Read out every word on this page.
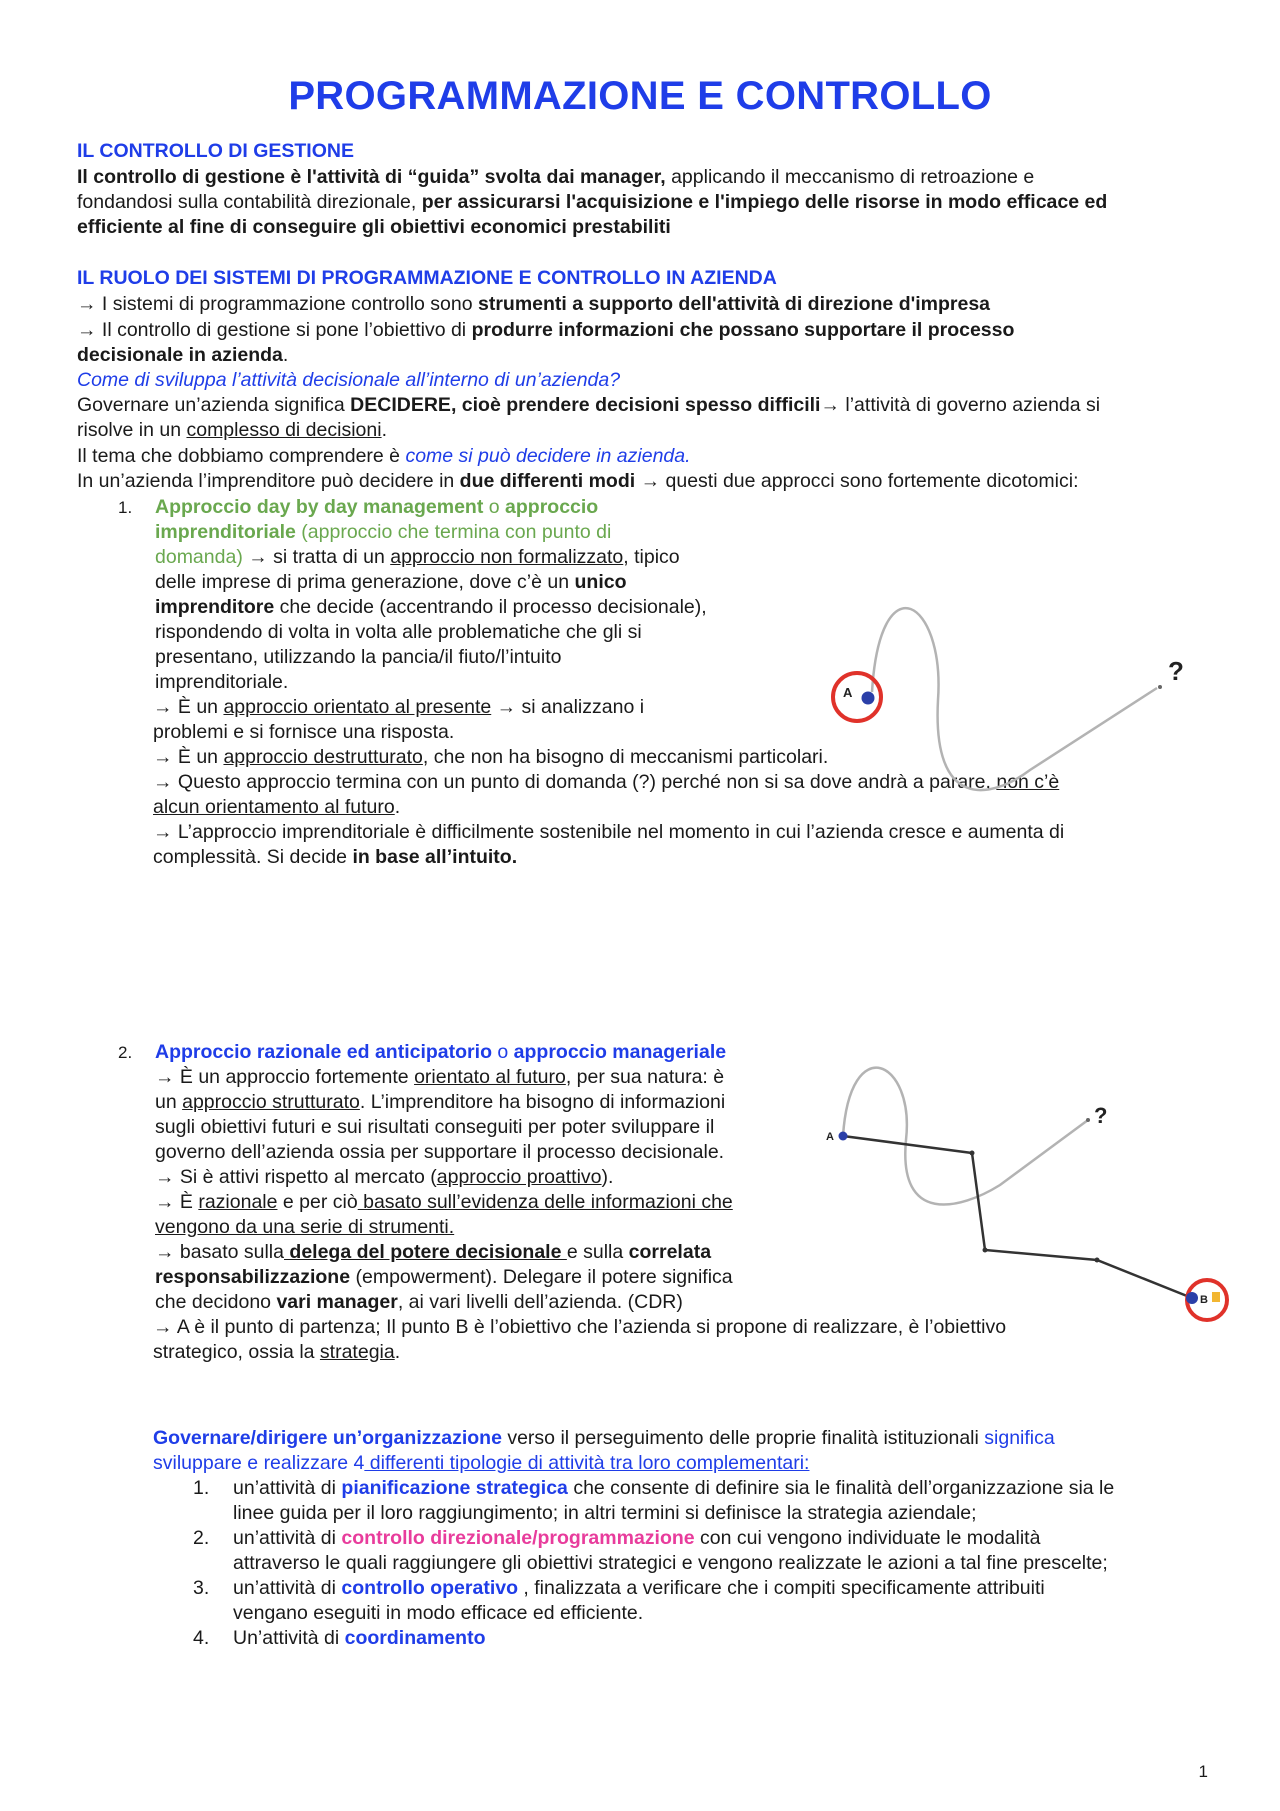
PROGRAMMAZIONE E CONTROLLO
IL CONTROLLO DI GESTIONE
Il controllo di gestione è l'attività di “guida” svolta dai manager, applicando il meccanismo di retroazione e
fondandosi sulla contabilità direzionale, per assicurarsi l'acquisizione e l'impiego delle risorse in modo efficace ed
efficiente al fine di conseguire gli obiettivi economici prestabiliti
IL RUOLO DEI SISTEMI DI PROGRAMMAZIONE E CONTROLLO IN AZIENDA
→ I sistemi di programmazione controllo sono strumenti a supporto dell'attività di direzione d'impresa
→ Il controllo di gestione si pone l’obiettivo di produrre informazioni che possano supportare il processo
decisionale in azienda.
Come di sviluppa l’attività decisionale all’interno di un’azienda?
Governare un’azienda significa DECIDERE, cioè prendere decisioni spesso difficili→ l’attività di governo azienda si
risolve in un complesso di decisioni.
Il tema che dobbiamo comprendere è come si può decidere in azienda.
In un’azienda l’imprenditore può decidere in due differenti modi → questi due approcci sono fortemente dicotomici:
1. Approccio day by day management o approccio
imprenditoriale (approccio che termina con punto di
domanda) → si tratta di un approccio non formalizzato, tipico
delle imprese di prima generazione, dove c’è un unico
imprenditore che decide (accentrando il processo decisionale),
rispondendo di volta in volta alle problematiche che gli si
presentano, utilizzando la pancia/il fiuto/l’intuito
imprenditoriale.
→ È un approccio orientato al presente → si analizzano i
problemi e si fornisce una risposta.
→ È un approccio destrutturato, che non ha bisogno di meccanismi particolari.
→ Questo approccio termina con un punto di domanda (?) perché non si sa dove andrà a parare, non c’è
alcun orientamento al futuro.
→ L’approccio imprenditoriale è difficilmente sostenibile nel momento in cui l’azienda cresce e aumenta di
complessità. Si decide in base all’intuito.
A
?
2. Approccio razionale ed anticipatorio o approccio manageriale
→ È un approccio fortemente orientato al futuro, per sua natura: è
un approccio strutturato. L’imprenditore ha bisogno di informazioni
sugli obiettivi futuri e sui risultati conseguiti per poter sviluppare il
governo dell’azienda ossia per supportare il processo decisionale.
→ Si è attivi rispetto al mercato (approccio proattivo).
→ È razionale e per ciò basato sull’evidenza delle informazioni che
vengono da una serie di strumenti.
→ basato sulla delega del potere decisionale e sulla correlata
responsabilizzazione (empowerment). Delegare il potere significa
che decidono vari manager, ai vari livelli dell’azienda. (CDR)
→ A è il punto di partenza; Il punto B è l’obiettivo che l’azienda si propone di realizzare, è l’obiettivo
strategico, ossia la strategia.
A
B
?
Governare/dirigere un’organizzazione verso il perseguimento delle proprie finalità istituzionali significa
sviluppare e realizzare 4 differenti tipologie di attività tra loro complementari:
1. un’attività di pianificazione strategica che consente di definire sia le finalità dell’organizzazione sia le
linee guida per il loro raggiungimento; in altri termini si definisce la strategia aziendale;
2. un’attività di controllo direzionale/programmazione con cui vengono individuate le modalità
attraverso le quali raggiungere gli obiettivi strategici e vengono realizzate le azioni a tal fine prescelte;
3. un’attività di controllo operativo , finalizzata a verificare che i compiti specificamente attribuiti
vengano eseguiti in modo efficace ed efficiente.
4. Un’attività di coordinamento
1
